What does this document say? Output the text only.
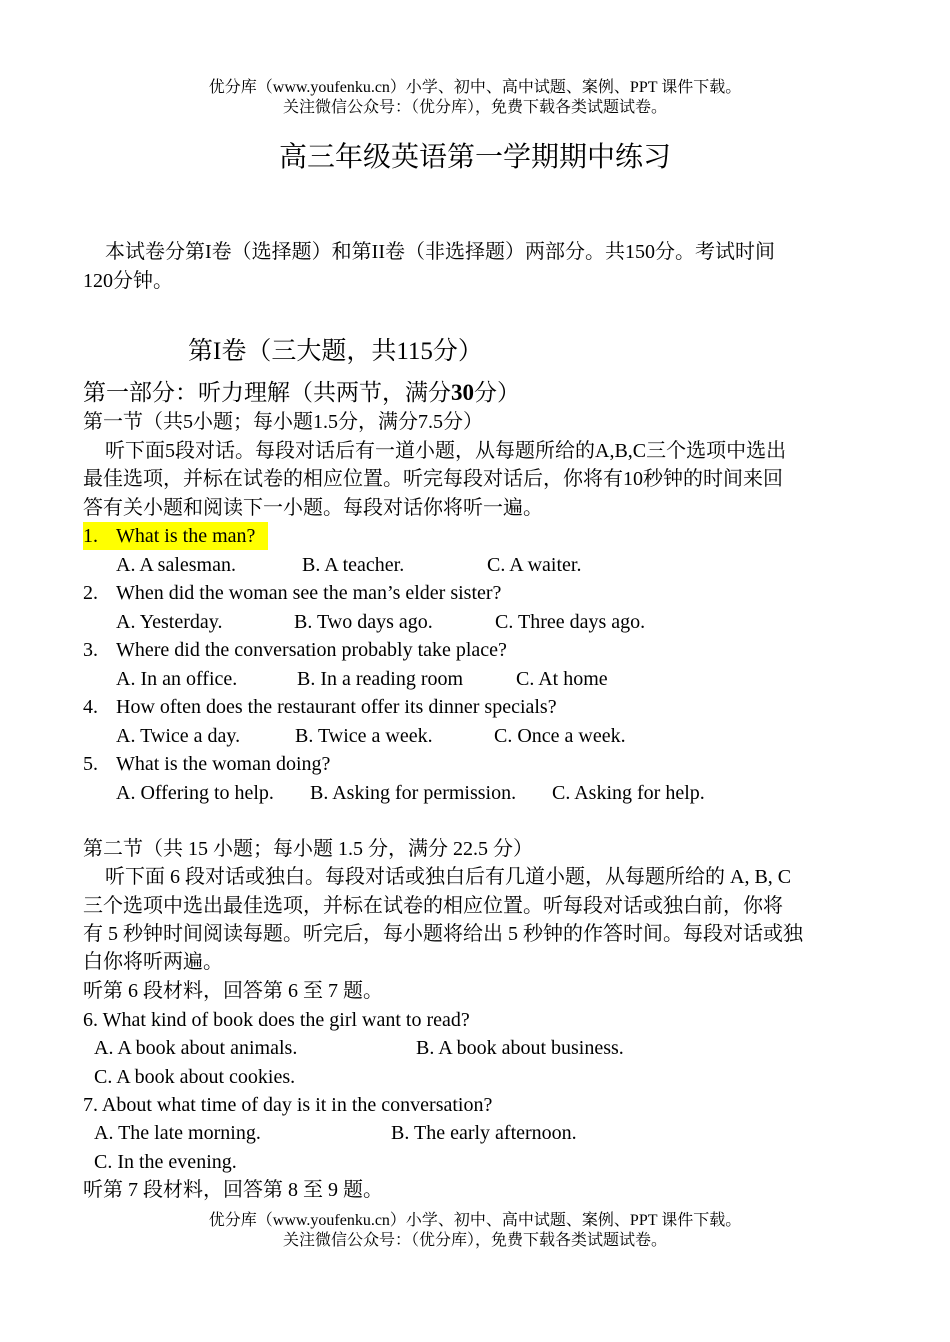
优分库（www.youfenku.cn）小学、初中、高中试题、案例、PPT 课件下载。
关注微信公众号：（优分库），免费下载各类试题试卷。
高三年级英语第一学期期中练习
本试卷分第I卷（选择题）和第II卷（非选择题）两部分。共150分。考试时间
120分钟。
第I卷（三大题，共115分）
第一部分：听力理解（共两节，满分30分）
第一节（共5小题；每小题1.5分，满分7.5分）
听下面5段对话。每段对话后有一道小题，从每题所给的A,B,C三个选项中选出
最佳选项，并标在试卷的相应位置。听完每段对话后，你将有10秒钟的时间来回
答有关小题和阅读下一小题。每段对话你将听一遍。
1. What is the man?
A. A salesman.	B. A teacher.	C. A waiter.
2. When did the woman see the man’s elder sister?
A. Yesterday.	B. Two days ago.	C. Three days ago.
3. Where did the conversation probably take place?
A. In an office.	B. In a reading room	C. At home
4. How often does the restaurant offer its dinner specials?
A. Twice a day.	B. Twice a week.	C. Once a week.
5. What is the woman doing?
A. Offering to help. B. Asking for permission. C. Asking for help.
第二节（共 15 小题；每小题 1.5 分，满分 22.5 分）
听下面 6 段对话或独白。每段对话或独白后有几道小题，从每题所给的 A, B, C
三个选项中选出最佳选项，并标在试卷的相应位置。听每段对话或独白前，你将
有 5 秒钟时间阅读每题。听完后，每小题将给出 5 秒钟的作答时间。每段对话或独
白你将听两遍。
听第 6 段材料，回答第 6 至 7 题。
6. What kind of book does the girl want to read?
A. A book about animals.	B. A book about business.
C. A book about cookies.
7. About what time of day is it in the conversation?
A. The late morning.	B. The early afternoon.
C. In the evening.
听第 7 段材料，回答第 8 至 9 题。
优分库（www.youfenku.cn）小学、初中、高中试题、案例、PPT 课件下载。
关注微信公众号：（优分库），免费下载各类试题试卷。
